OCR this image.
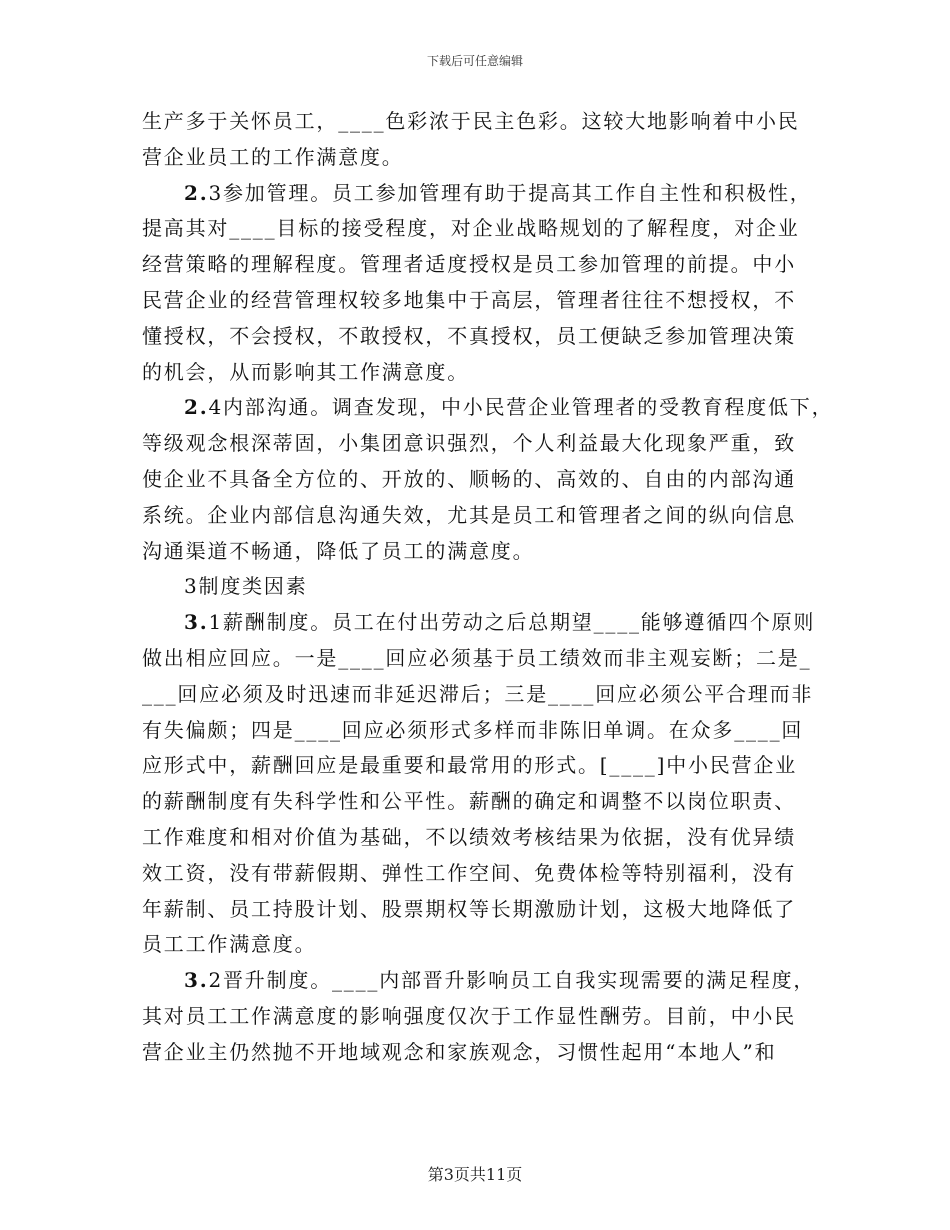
下载后可任意编辑
生产多于关怀员工，____色彩浓于民主色彩。这较大地影响着中小民
营企业员工的工作满意度。
2.3参加管理。员工参加管理有助于提高其工作自主性和积极性，
提高其对____目标的接受程度，对企业战略规划的了解程度，对企业
经营策略的理解程度。管理者适度授权是员工参加管理的前提。中小
民营企业的经营管理权较多地集中于高层，管理者往往不想授权，不
懂授权，不会授权，不敢授权，不真授权，员工便缺乏参加管理决策
的机会，从而影响其工作满意度。
2.4内部沟通。调查发现，中小民营企业管理者的受教育程度低下，
等级观念根深蒂固，小集团意识强烈，个人利益最大化现象严重，致
使企业不具备全方位的、开放的、顺畅的、高效的、自由的内部沟通
系统。企业内部信息沟通失效，尤其是员工和管理者之间的纵向信息
沟通渠道不畅通，降低了员工的满意度。
3制度类因素
3.1薪酬制度。员工在付出劳动之后总期望____能够遵循四个原则
做出相应回应。一是____回应必须基于员工绩效而非主观妄断；二是_
___回应必须及时迅速而非延迟滞后；三是____回应必须公平合理而非
有失偏颇；四是____回应必须形式多样而非陈旧单调。在众多____回
应形式中，薪酬回应是最重要和最常用的形式。[____]中小民营企业
的薪酬制度有失科学性和公平性。薪酬的确定和调整不以岗位职责、
工作难度和相对价值为基础，不以绩效考核结果为依据，没有优异绩
效工资，没有带薪假期、弹性工作空间、免费体检等特别福利，没有
年薪制、员工持股计划、股票期权等长期激励计划，这极大地降低了
员工工作满意度。
3.2晋升制度。____内部晋升影响员工自我实现需要的满足程度，
其对员工工作满意度的影响强度仅次于工作显性酬劳。目前，中小民
营企业主仍然抛不开地域观念和家族观念，习惯性起用“本地人”和
第3页共11页
